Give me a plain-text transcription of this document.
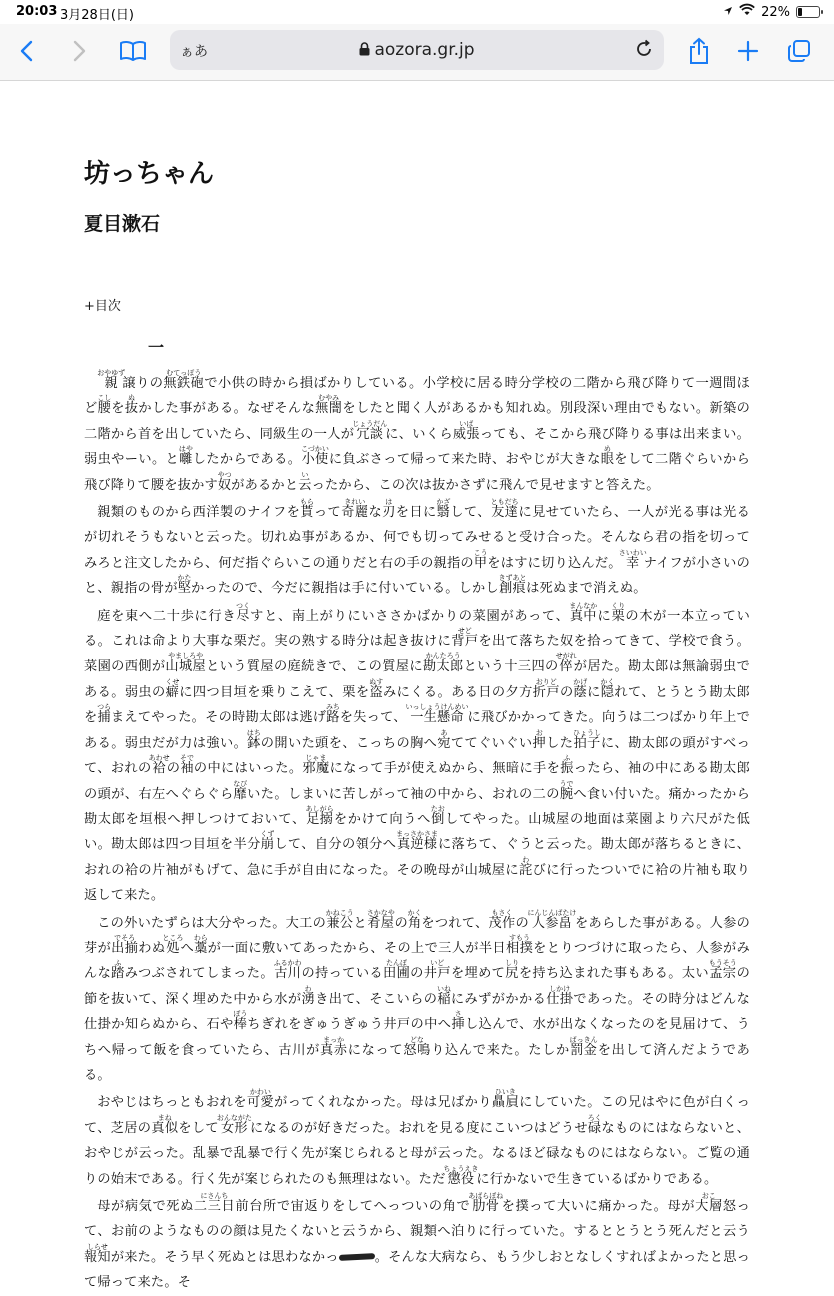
20:03 3月28日(日)	22%
ぁあ	aozora.gr.jp
坊っちゃん
夏目漱石
+目次
一

親おやゆず譲りの無鉄砲むてっぽうで小供の時から損ばかりしている。小学校に居る時分学校の二階から飛び降りて一週間ほど腰こしを抜ぬかした事がある。なぜそんな無闇むやみをしたと聞く人があるかも知れぬ。別段深い理由でもない。新築の二階から首を出していたら、同級生の一人が冗談じょうだんに、いくら威張いばっても、そこから飛び降りる事は出来まい。弱虫やーい。と囃はやしたからである。小使こづかいに負ぶさって帰って来た時、おやじが大きな眼めをして二階ぐらいから飛び降りて腰を抜かす奴やつがあるかと云いったから、この次は抜かさずに飛んで見せますと答えた。

親類のものから西洋製のナイフを貰もらって奇麗きれいな刃はを日に翳かざして、友達ともだちに見せていたら、一人が光る事は光るが切れそうもないと云った。切れぬ事があるか、何でも切ってみせると受け合った。そんなら君の指を切ってみろと注文したから、何だ指ぐらいこの通りだと右の手の親指の甲こうをはすに切り込んだ。幸さいわいナイフが小さいのと、親指の骨が堅かたかったので、今だに親指は手に付いている。しかし創痕きずあとは死ぬまで消えぬ。

庭を東へ二十歩に行き尽つくすと、南上がりにいささかばかりの菜園があって、真中まんなかに栗くりの木が一本立っている。これは命より大事な栗だ。実の熟する時分は起き抜けに背戸せどを出て落ちた奴を拾ってきて、学校で食う。菜園の西側が山城屋やましろやという質屋の庭続きで、この質屋に勘太郎かんたろうという十三四の倅せがれが居た。勘太郎は無論弱虫である。弱虫の癖くせに四つ目垣を乗りこえて、栗を盗ぬすみにくる。ある日の夕方折戸おりどの蔭かげに隠かくれて、とうとう勘太郎を捕つらまえてやった。その時勘太郎は逃げ路みちを失って、一生懸命いっしょうけんめいに飛びかかってきた。向うは二つばかり年上である。弱虫だが力は強い。鉢はちの開いた頭を、こっちの胸へ宛あててぐいぐい押おした拍子ひょうしに、勘太郎の頭がすべって、おれの袷あわせの袖そでの中にはいった。邪魔じゃまになって手が使えぬから、無暗に手を振ふったら、袖の中にある勘太郎の頭が、右左へぐらぐら靡なびいた。しまいに苦しがって袖の中から、おれの二の腕うでへ食い付いた。痛かったから勘太郎を垣根へ押しつけておいて、足搦あしがらをかけて向うへ倒たおしてやった。山城屋の地面は菜園より六尺がた低い。勘太郎は四つ目垣を半分崩くずして、自分の領分へ真逆様まっさかさまに落ちて、ぐうと云った。勘太郎が落ちるときに、おれの袷の片袖がもげて、急に手が自由になった。その晩母が山城屋に詫わびに行ったついでに袷の片袖も取り返して来た。

この外いたずらは大分やった。大工の兼公かねこうと肴屋さかなやの角かくをつれて、茂作もさくの人参畠にんじんばたけをあらした事がある。人参の芽が出揃でそろわぬ処ところへ藁わらが一面に敷いてあったから、その上で三人が半日相撲すもうをとりつづけに取ったら、人参がみんな踏ふみつぶされてしまった。古川ふるかわの持っている田圃たんぼの井戸いどを埋めて尻しりを持ち込まれた事もある。太い孟宗もうそうの節を抜いて、深く埋めた中から水が湧わき出て、そこいらの稲いねにみずがかかる仕掛しかけであった。その時分はどんな仕掛か知らぬから、石や棒ぼうちぎれをぎゅうぎゅう井戸の中へ挿さし込んで、水が出なくなったのを見届けて、うちへ帰って飯を食っていたら、古川が真赤まっかになって怒鳴どなり込んで来た。たしか罰金ばっきんを出して済んだようである。

おやじはちっともおれを可愛かわいがってくれなかった。母は兄ばかり贔屓ひいきにしていた。この兄はやに色が白くって、芝居の真似まねをして女形おんながたになるのが好きだった。おれを見る度にこいつはどうせ碌ろくなものにはならないと、おやじが云った。乱暴で乱暴で行く先が案じられると母が云った。なるほど碌なものにはならない。ご覧の通りの始末である。行く先が案じられたのも無理はない。ただ懲役ちょうえきに行かないで生きているばかりである。

母が病気で死ぬ二三日にさんち前台所で宙返りをしてへっついの角で肋骨あばらぼねを撲って大いに痛かった。母が大層おこ怒って、お前のようなものの顔は見たくないと云うから、親類へ泊りに行っていた。するととうとう死んだと云う報知しらせが来た。そう早く死ぬとは思わなかっ	。そんな大病なら、もう少しおとなしくすればよかったと思って帰って来た。そ
